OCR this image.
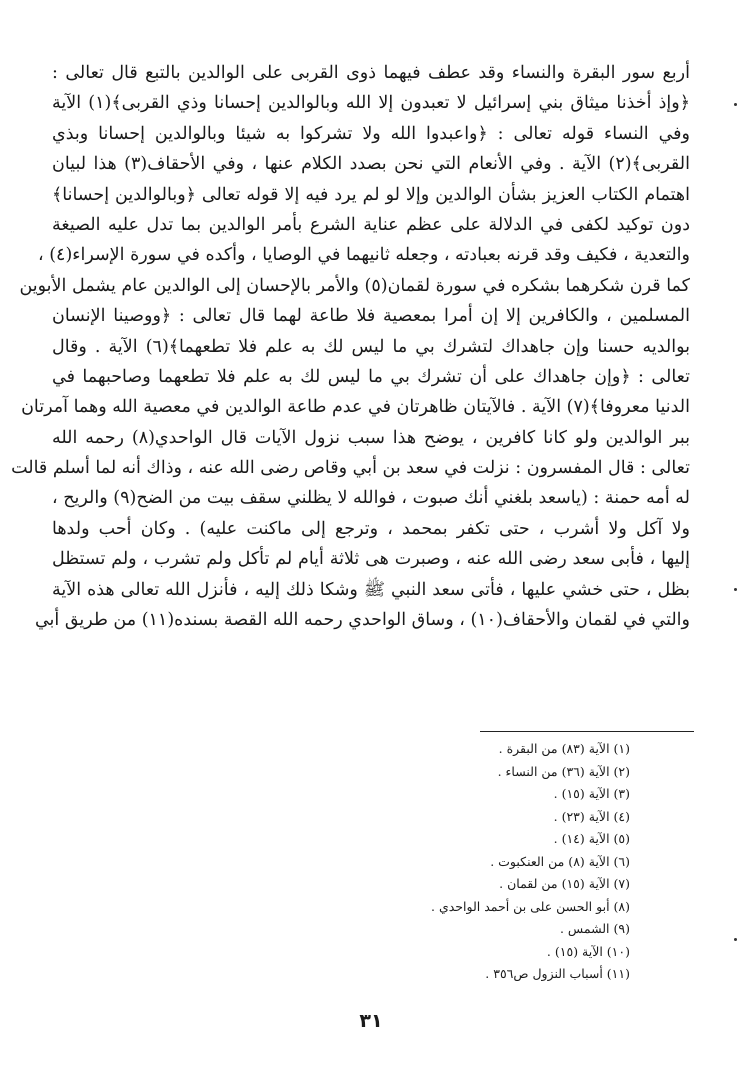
أربع سور البقرة والنساء وقد عطف فيهما ذوى القربى على الوالدين بالتبع قال تعالى :
﴿وإذ أخذنا ميثاق بني إسرائيل لا تعبدون إلا الله وبالوالدين إحسانا وذي القربى﴾(١) الآية
وفي النساء قوله تعالى : ﴿واعبدوا الله ولا تشركوا به شيئا وبالوالدين إحسانا وبذي
القربى﴾(٢) الآية . وفي الأنعام التي نحن بصدد الكلام عنها ، وفي الأحقاف(٣) هذا لبيان
اهتمام الكتاب العزيز بشأن الوالدين وإلا لو لم يرد فيه إلا قوله تعالى ﴿وبالوالدين إحسانا﴾
دون توكيد لكفى في الدلالة على عظم عناية الشرع بأمر الوالدين بما تدل عليه الصيغة
والتعدية ، فكيف وقد قرنه بعبادته ، وجعله ثانيهما في الوصايا ، وأكده في سورة الإسراء(٤) ،
كما قرن شكرهما بشكره في سورة لقمان(٥) والأمر بالإحسان إلى الوالدين عام يشمل الأبوين
المسلمين ، والكافرين إلا إن أمرا بمعصية فلا طاعة لهما قال تعالى : ﴿ووصينا الإنسان
بوالديه حسنا وإن جاهداك لتشرك بي ما ليس لك به علم فلا تطعهما﴾(٦) الآية . وقال
تعالى : ﴿وإن جاهداك على أن تشرك بي ما ليس لك به علم فلا تطعهما وصاحبهما في
الدنيا معروفا﴾(٧) الآية . فالآيتان ظاهرتان في عدم طاعة الوالدين في معصية الله وهما آمرتان
ببر الوالدين ولو كانا كافرين ، يوضح هذا سبب نزول الآيات قال الواحدي(٨) رحمه الله
تعالى : قال المفسرون : نزلت في سعد بن أبي وقاص رضى الله عنه ، وذاك أنه لما أسلم قالت
له أمه حمنة : (ياسعد بلغني أنك صبوت ، فوالله لا يظلني سقف بيت من الضح(٩) والريح ،
ولا آكل ولا أشرب ، حتى تكفر بمحمد ، وترجع إلى ماكنت عليه) . وكان أحب ولدها
إليها ، فأبى سعد رضى الله عنه ، وصبرت هى ثلاثة أيام لم تأكل ولم تشرب ، ولم تستظل
بظل ، حتى خشي عليها ، فأتى سعد النبي ﷺ وشكا ذلك إليه ، فأنزل الله تعالى هذه الآية
والتي في لقمان والأحقاف(١٠) ، وساق الواحدي رحمه الله القصة بسنده(١١) من طريق أبي
(١) الآية (٨٣) من البقرة .
(٢) الآية (٣٦) من النساء .
(٣) الآية (١٥) .
(٤) الآية (٢٣) .
(٥) الآية (١٤) .
(٦) الآية (٨) من العنكبوت .
(٧) الآية (١٥) من لقمان .
(٨) أبو الحسن على بن أحمد الواحدي .
(٩) الشمس .
(١٠) الآية (١٥) .
(١١) أسباب النزول ص٣٥٦ .
٣١
